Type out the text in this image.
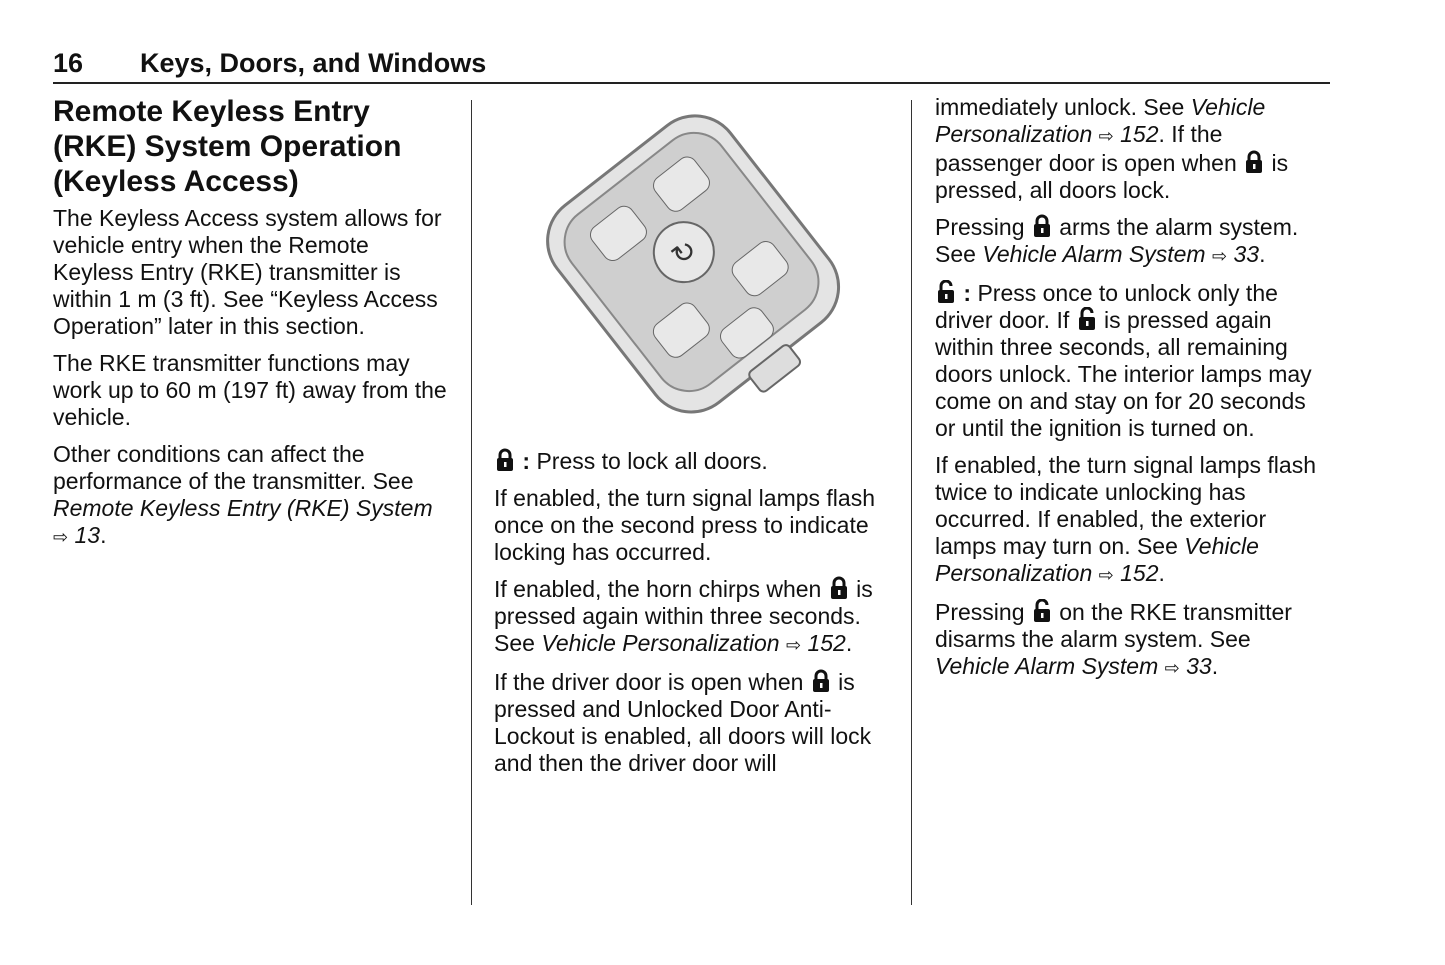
16 Keys, Doors, and Windows
Remote Keyless Entry (RKE) System Operation (Keyless Access)

The Keyless Access system allows for vehicle entry when the Remote Keyless Entry (RKE) transmitter is within 1 m (3 ft). See “Keyless Access Operation” later in this section.

The RKE transmitter functions may work up to 60 m (197 ft) away from the vehicle.

Other conditions can affect the performance of the transmitter. See Remote Keyless Entry (RKE) System ⇨ 13.

↻

: Press to lock all doors.

If enabled, the turn signal lamps flash once on the second press to indicate locking has occurred.

If enabled, the horn chirps when  is pressed again within three seconds. See Vehicle Personalization ⇨ 152.

If the driver door is open when  is pressed and Unlocked Door Anti-Lockout is enabled, all doors will lock and then the driver door will

immediately unlock. See Vehicle Personalization ⇨ 152. If the passenger door is open when  is pressed, all doors lock.

Pressing  arms the alarm system. See Vehicle Alarm System ⇨ 33.

: Press once to unlock only the driver door. If  is pressed again within three seconds, all remaining doors unlock. The interior lamps may come on and stay on for 20 seconds or until the ignition is turned on.

If enabled, the turn signal lamps flash twice to indicate unlocking has occurred. If enabled, the exterior lamps may turn on. See Vehicle Personalization ⇨ 152.

Pressing  on the RKE transmitter disarms the alarm system. See Vehicle Alarm System ⇨ 33.
